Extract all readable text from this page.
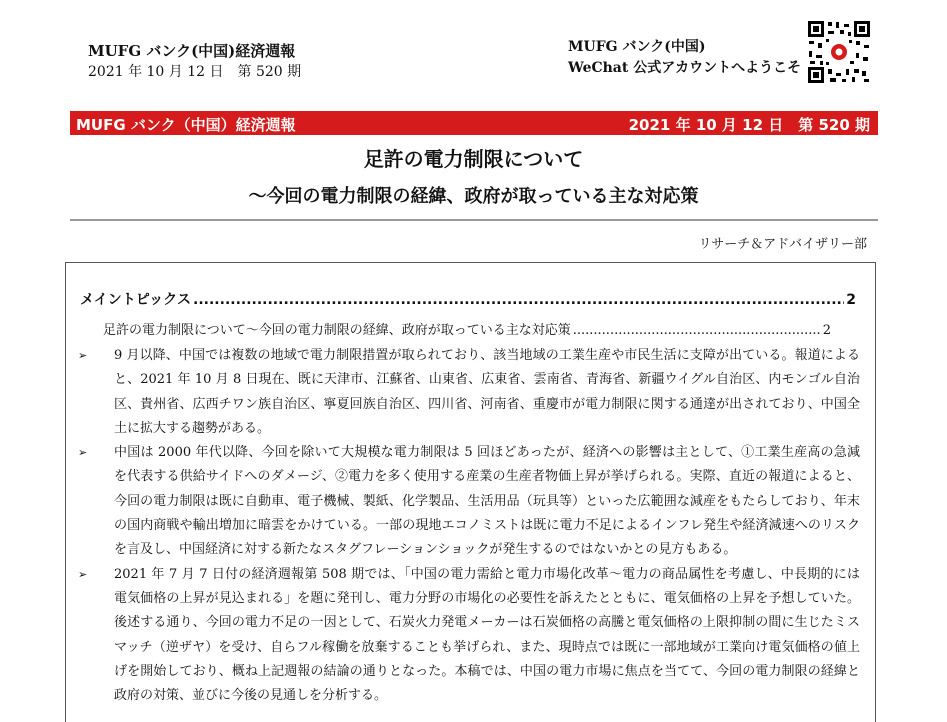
MUFG バンク(中国)経済週報
2021 年 10 月 12 日　第 520 期
MUFG バンク(中国)
WeChat 公式アカウントへようこそ
MUFG バンク（中国）経済週報	2021 年 10 月 12 日　第 520 期
足許の電力制限について
～今回の電力制限の経緯、政府が取っている主な対応策
リサーチ＆アドバイザリー部
メイントピックス .....	2
足許の電力制限について～今回の電力制限の経緯、政府が取っている主な対応策 .....	2
➢ 9 月以降、中国では複数の地域で電力制限措置が取られており、該当地域の工業生産や市民生活に支障が出ている。報道によると、2021 年 10 月 8 日現在、既に天津市、江蘇省、山東省、広東省、雲南省、青海省、新疆ウイグル自治区、内モンゴル自治区、貴州省、広西チワン族自治区、寧夏回族自治区、四川省、河南省、重慶市が電力制限に関する通達が出されており、中国全土に拡大する趨勢がある。
➢ 中国は 2000 年代以降、今回を除いて大規模な電力制限は 5 回ほどあったが、経済への影響は主として、①工業生産高の急減を代表する供給サイドへのダメージ、②電力を多く使用する産業の生産者物価上昇が挙げられる。実際、直近の報道によると、今回の電力制限は既に自動車、電子機械、製紙、化学製品、生活用品（玩具等）といった広範囲な減産をもたらしており、年末の国内商戦や輸出増加に暗雲をかけている。一部の現地エコノミストは既に電力不足によるインフレ発生や経済減速へのリスクを言及し、中国経済に対する新たなスタグフレーションショックが発生するのではないかとの見方もある。
➢ 2021 年 7 月 7 日付の経済週報第 508 期では、「中国の電力需給と電力市場化改革～電力の商品属性を考慮し、中長期的には電気価格の上昇が見込まれる」を題に発刊し、電力分野の市場化の必要性を訴えたとともに、電気価格の上昇を予想していた。後述する通り、今回の電力不足の一因として、石炭火力発電メーカーは石炭価格の高騰と電気価格の上限抑制の間に生じたミスマッチ（逆ザヤ）を受け、自らフル稼働を放棄することも挙げられ、また、現時点では既に一部地域が工業向け電気価格の値上げを開始しており、概ね上記週報の結論の通りとなった。本稿では、中国の電力市場に焦点を当てて、今回の電力制限の経緯と政府の対策、並びに今後の見通しを分析する。
